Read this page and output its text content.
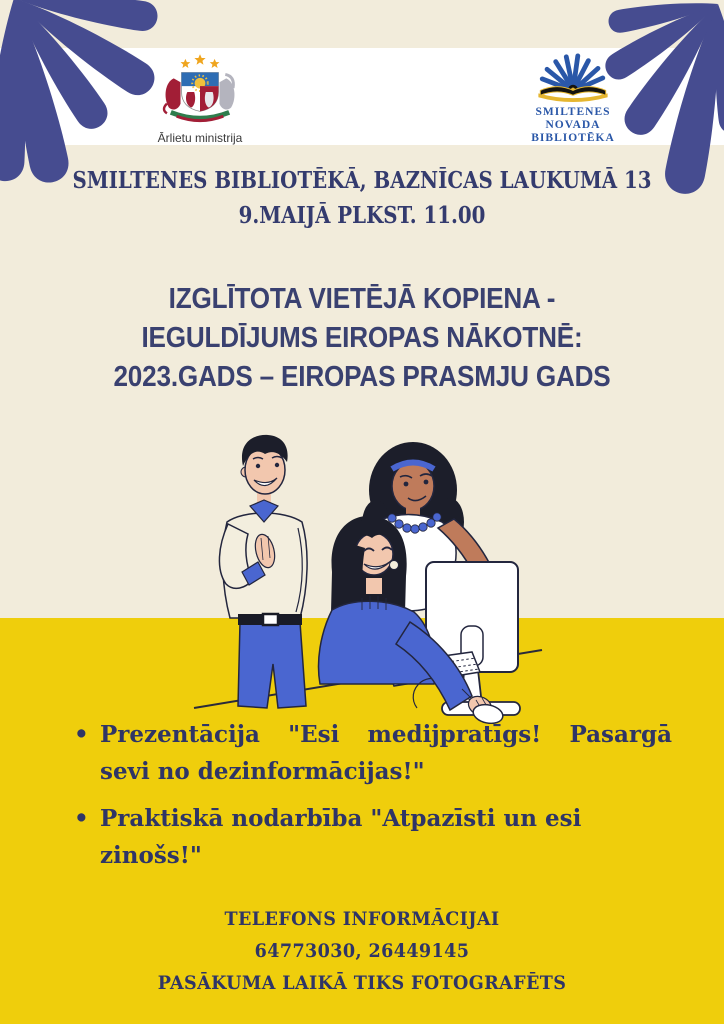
Ārlietu ministrija
SMILTENES
NOVADA
BIBLIOTĒKA
SMILTENES BIBLIOTĒKĀ, BAZNĪCAS LAUKUMĀ 13
9.MAIJĀ PLKST. 11.00
IZGLĪTOTA VIETĒJĀ KOPIENA -
IEGULDĪJUMS EIROPAS NĀKOTNĒ:
2023.GADS – EIROPAS PRASMJU GADS
• Prezentācija "Esi medijpratīgs! Pasargā
sevi no dezinformācijas!"
• Praktiskā nodarbība "Atpazīsti un esi zinošs!"
TELEFONS INFORMĀCIJAI
64773030, 26449145
PASĀKUMA LAIKĀ TIKS FOTOGRAFĒTS
